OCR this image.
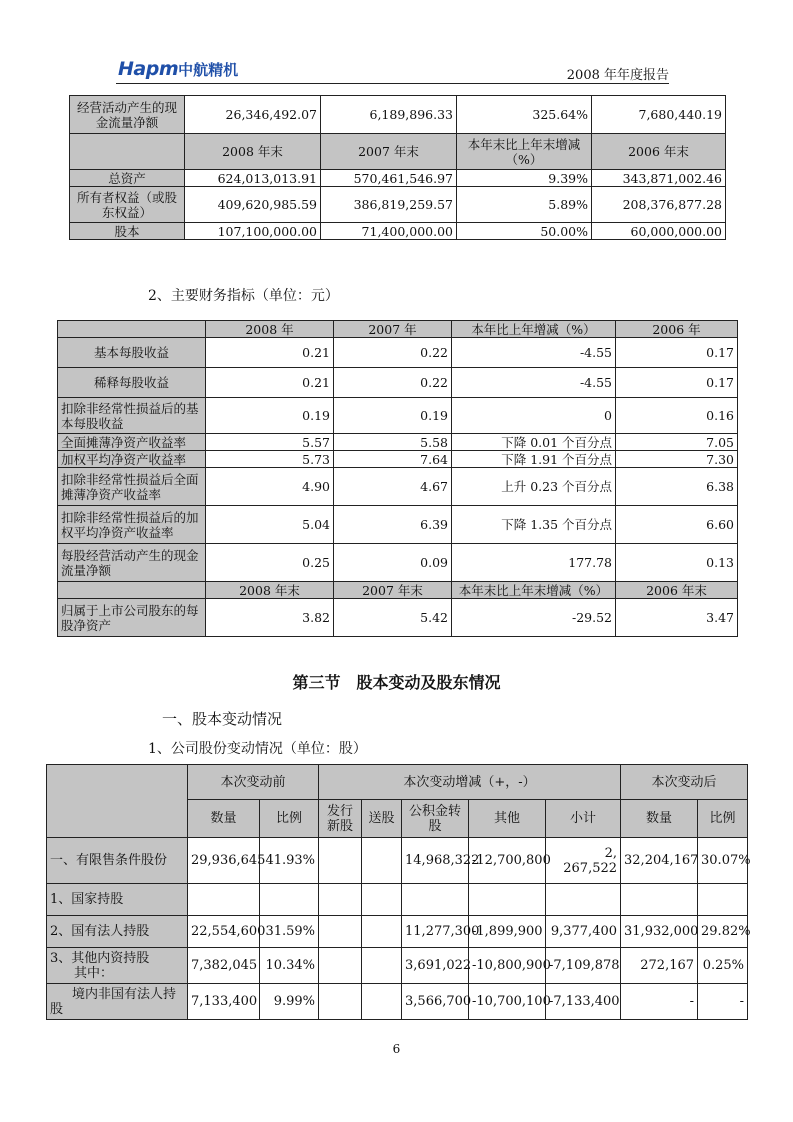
Hapm中航精机	2008 年年度报告
经营活动产生的现金流量净额	26,346,492.07	6,189,896.33	325.64%	7,680,440.19
	2008 年末	2007 年末	本年末比上年末增减（%）	2006 年末
总资产	624,013,013.91	570,461,546.97	9.39%	343,871,002.46
所有者权益（或股东权益）	409,620,985.59	386,819,259.57	5.89%	208,376,877.28
股本	107,100,000.00	71,400,000.00	50.00%	60,000,000.00
2、主要财务指标（单位：元）
	2008 年	2007 年	本年比上年增减（%）	2006 年
基本每股收益	0.21	0.22	-4.55	0.17
稀释每股收益	0.21	0.22	-4.55	0.17
扣除非经常性损益后的基本每股收益	0.19	0.19	0	0.16
全面摊薄净资产收益率	5.57	5.58	下降 0.01 个百分点	7.05
加权平均净资产收益率	5.73	7.64	下降 1.91 个百分点	7.30
扣除非经常性损益后全面摊薄净资产收益率	4.90	4.67	上升 0.23 个百分点	6.38
扣除非经常性损益后的加权平均净资产收益率	5.04	6.39	下降 1.35 个百分点	6.60
每股经营活动产生的现金流量净额	0.25	0.09	177.78	0.13
	2008 年末	2007 年末	本年末比上年末增减（%）	2006 年末
归属于上市公司股东的每股净资产	3.82	5.42	-29.52	3.47
第三节　股本变动及股东情况
一、股本变动情况
1、公司股份变动情况（单位：股）
	本次变动前		本次变动增减（+，-）					本次变动后	
	数量	比例	发行新股	送股	公积金转股	其他	小计	数量	比例
一、有限售条件股份	29,936,645	41.93%			14,968,322	-12,700,800	2, 267,522	32,204,167	30.07%
1、国家持股									
2、国有法人持股	22,554,600	31.59%			11,277,300	-1,899,900	9,377,400	31,932,000	29.82%

3、其他内资持股
其中：	7,382,045	10.34%			3,691,022	-10,800,900	-7,109,878	272,167	0.25%
境内非国有法人持股	7,133,400	9.99%			3,566,700	-10,700,100	-7,133,400	-	-
6
